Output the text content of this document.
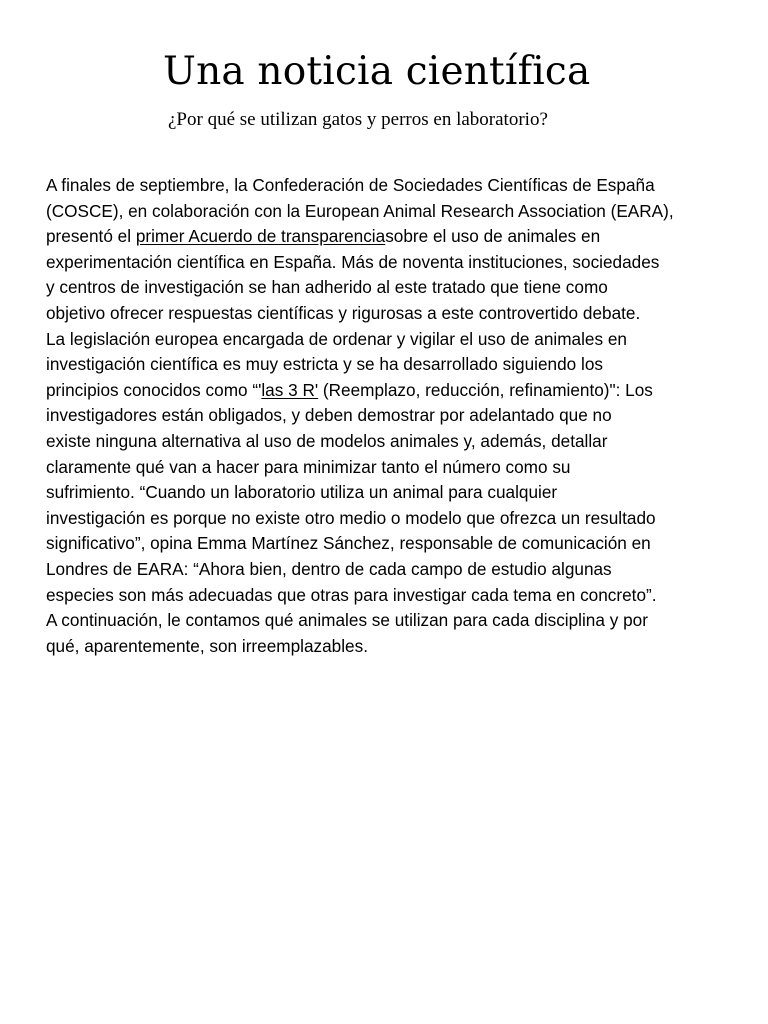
Una noticia científica
¿Por qué se utilizan gatos y perros en laboratorio?
A finales de septiembre, la Confederación de Sociedades Científicas de España
(COSCE), en colaboración con la European Animal Research Association (EARA),
presentó el primer Acuerdo de transparenciasobre el uso de animales en
experimentación científica en España. Más de noventa instituciones, sociedades
y centros de investigación se han adherido al este tratado que tiene como
objetivo ofrecer respuestas científicas y rigurosas a este controvertido debate.
La legislación europea encargada de ordenar y vigilar el uso de animales en
investigación científica es muy estricta y se ha desarrollado siguiendo los
principios conocidos como “'las 3 R' (Reemplazo, reducción, refinamiento)": Los
investigadores están obligados, y deben demostrar por adelantado que no
existe ninguna alternativa al uso de modelos animales y, además, detallar
claramente qué van a hacer para minimizar tanto el número como su
sufrimiento. “Cuando un laboratorio utiliza un animal para cualquier
investigación es porque no existe otro medio o modelo que ofrezca un resultado
significativo”, opina Emma Martínez Sánchez, responsable de comunicación en
Londres de EARA: “Ahora bien, dentro de cada campo de estudio algunas
especies son más adecuadas que otras para investigar cada tema en concreto”.
A continuación, le contamos qué animales se utilizan para cada disciplina y por
qué, aparentemente, son irreemplazables.
